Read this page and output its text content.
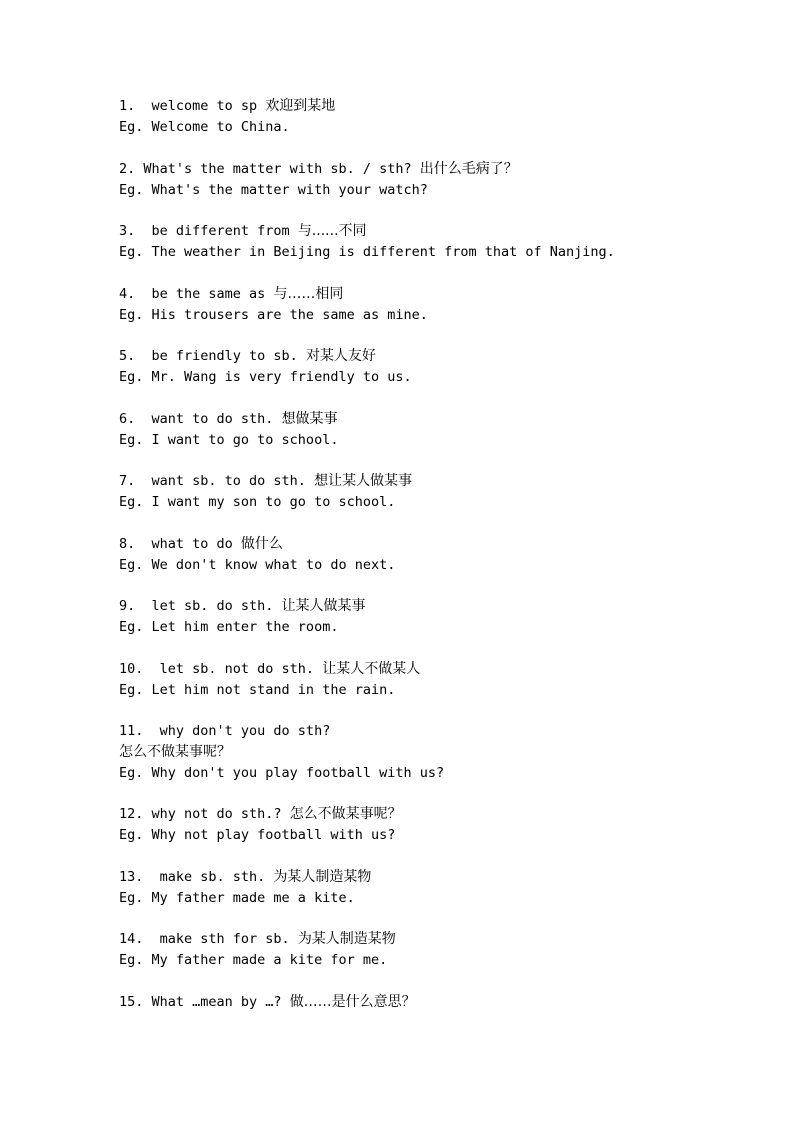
1.  welcome to sp 欢迎到某地
Eg. Welcome to China.
2. What's the matter with sb. / sth? 出什么毛病了？
Eg. What's the matter with your watch?
3.  be different from 与......不同
Eg. The weather in Beijing is different from that of Nanjing.
4.  be the same as 与……相同
Eg. His trousers are the same as mine.
5.  be friendly to sb. 对某人友好
Eg. Mr. Wang is very friendly to us.
6.  want to do sth. 想做某事
Eg. I want to go to school.
7.  want sb. to do sth. 想让某人做某事
Eg. I want my son to go to school.
8.  what to do 做什么
Eg. We don't know what to do next.
9.  let sb. do sth. 让某人做某事
Eg. Let him enter the room.
10.  let sb. not do sth. 让某人不做某人
Eg. Let him not stand in the rain.
11.  why don't you do sth?
怎么不做某事呢？
Eg. Why don't you play football with us?
12. why not do sth.? 怎么不做某事呢？
Eg. Why not play football with us?
13.  make sb. sth. 为某人制造某物
Eg. My father made me a kite.
14.  make sth for sb. 为某人制造某物
Eg. My father made a kite for me.
15. What …mean by …? 做……是什么意思？
